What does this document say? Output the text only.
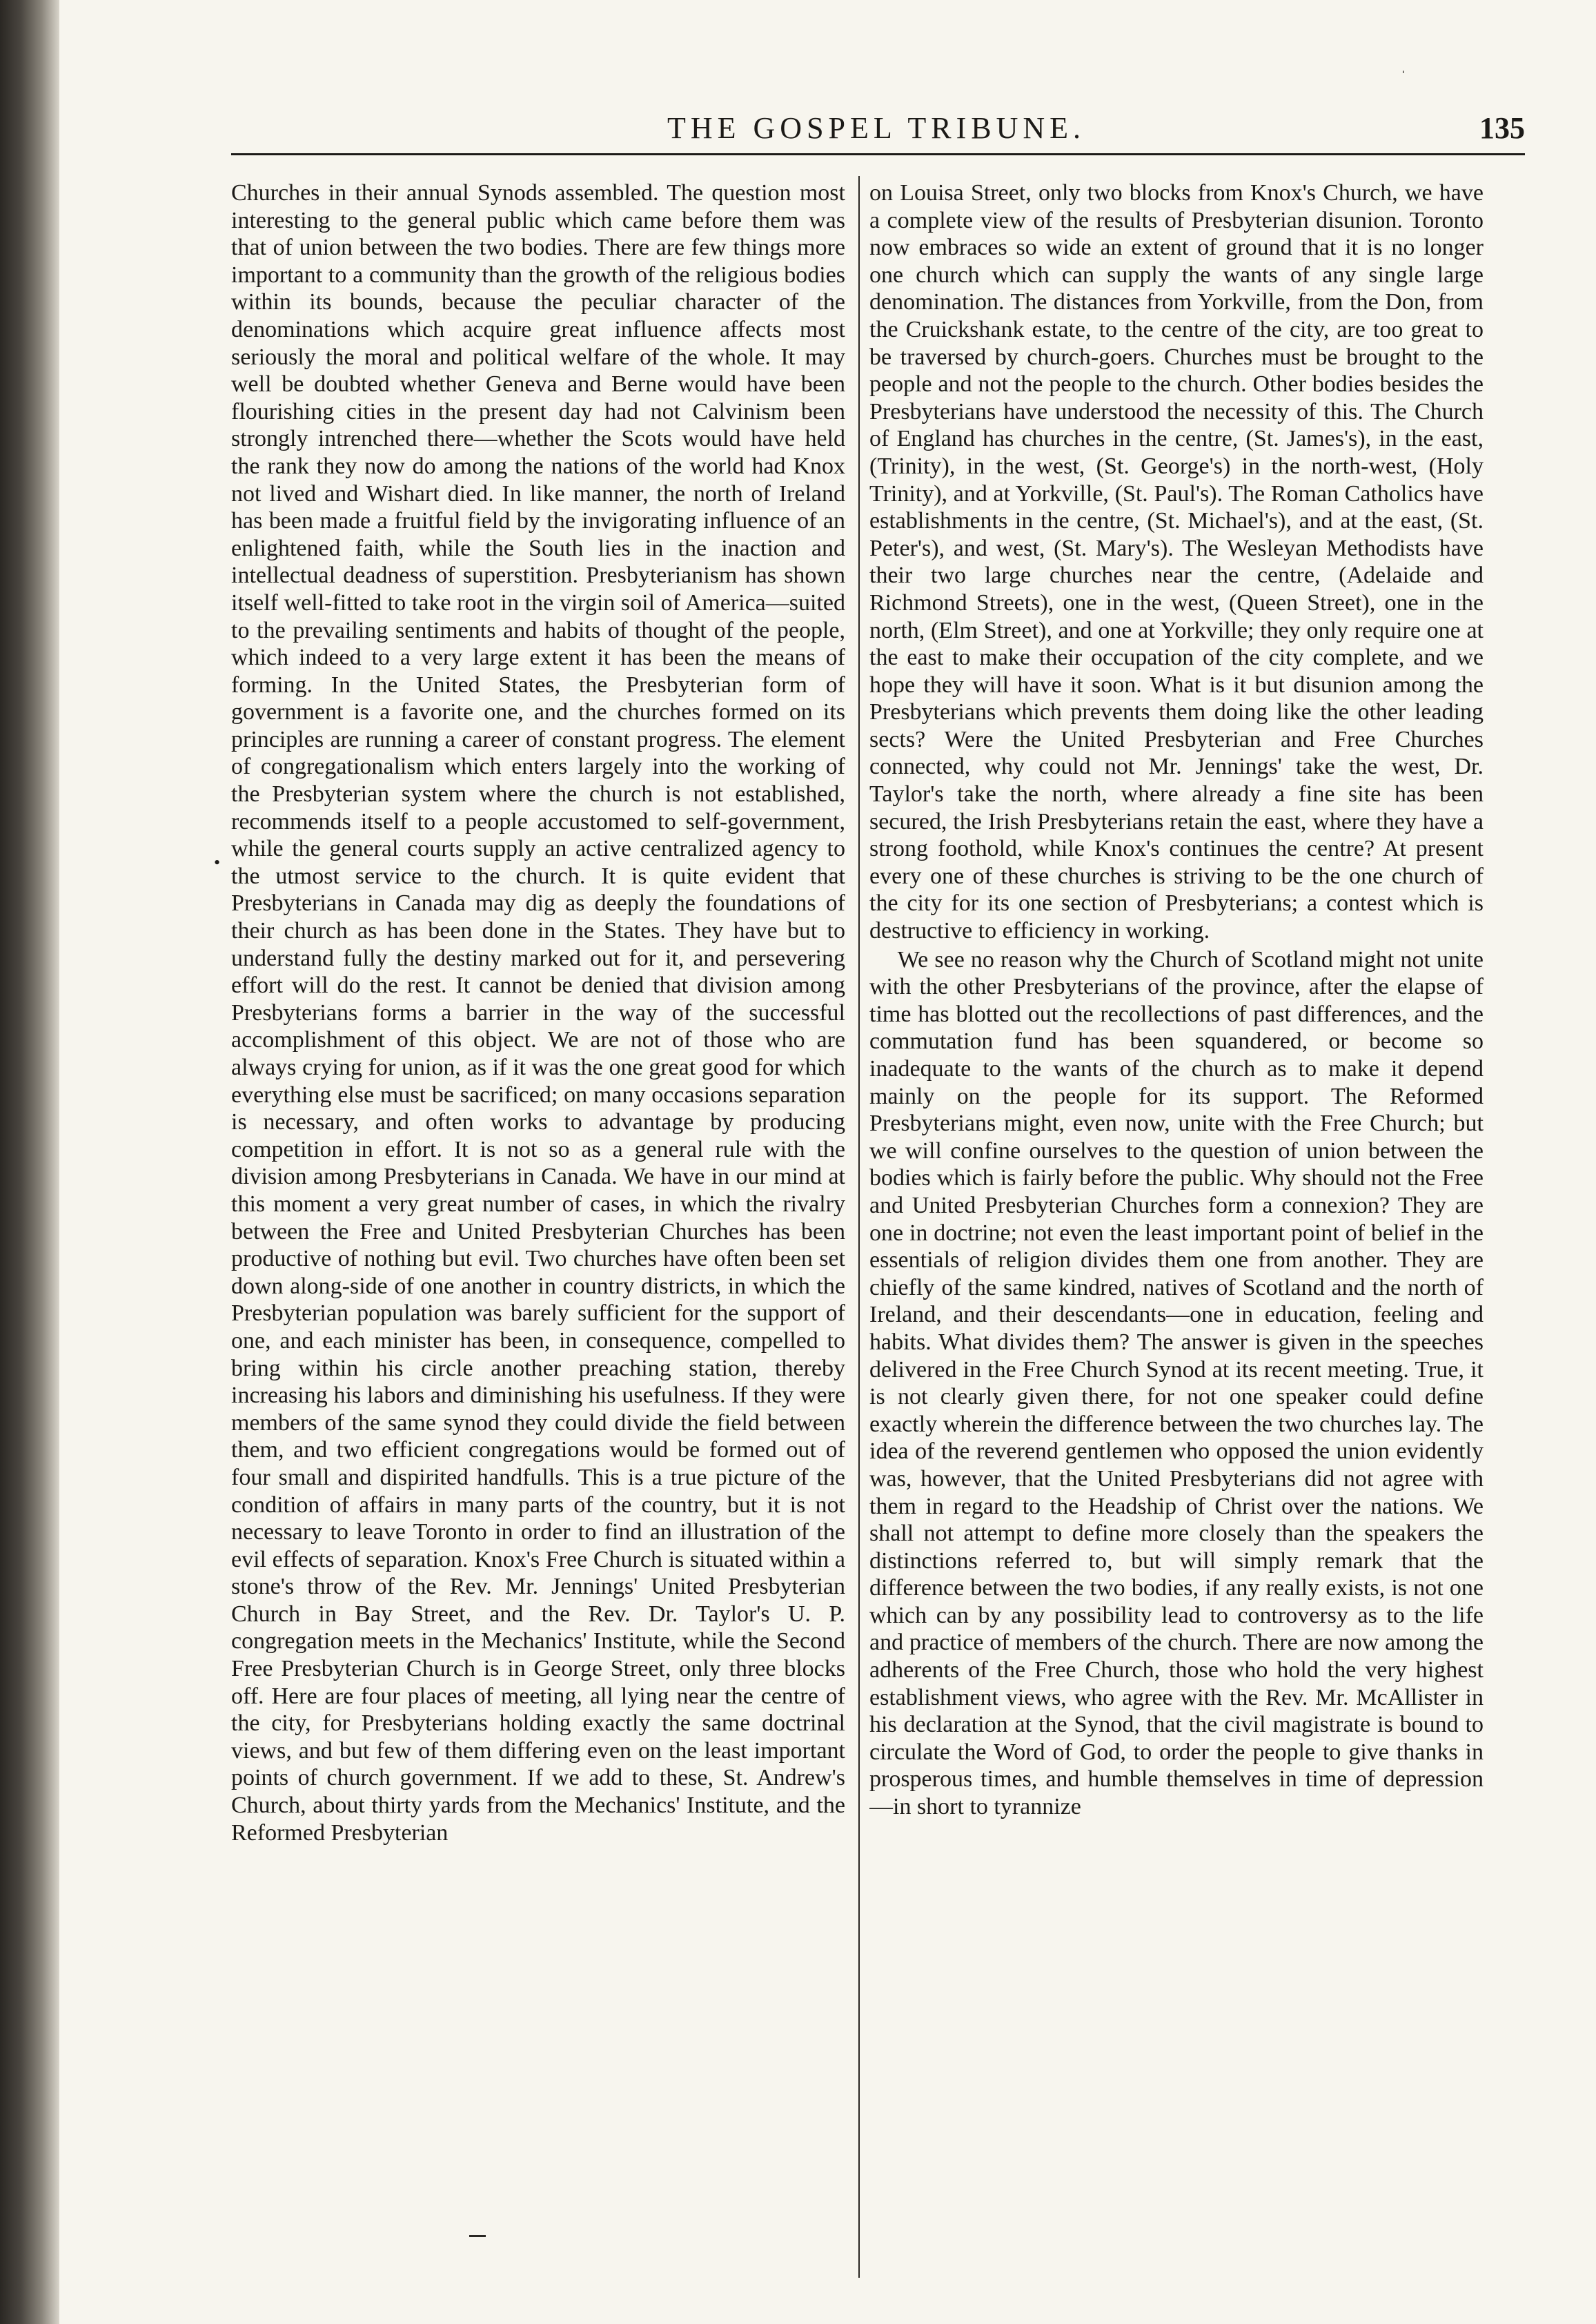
ˈ
THE GOSPEL TRIBUNE.	135

Churches in their annual Synods assembled. The question most interesting to the general public which came before them was that of union between the two bodies. There are few things more important to a community than the growth of the religious bodies within its bounds, because the peculiar character of the denominations which acquire great influence affects most seriously the moral and political welfare of the whole. It may well be doubted whether Geneva and Berne would have been flourishing cities in the present day had not Calvinism been strongly intrenched there—whether the Scots would have held the rank they now do among the nations of the world had Knox not lived and Wishart died. In like manner, the north of Ireland has been made a fruitful field by the invigorating influence of an enlightened faith, while the South lies in the inaction and intellectual deadness of superstition. Presbyterianism has shown itself well-fitted to take root in the virgin soil of America—suited to the prevailing sentiments and habits of thought of the people, which indeed to a very large extent it has been the means of forming. In the United States, the Presbyterian form of government is a favorite one, and the churches formed on its principles are running a career of constant progress. The element of congregationalism which enters largely into the working of the Presbyterian system where the church is not established, recommends itself to a people accustomed to self-government, while the general courts supply an active centralized agency to the utmost service to the church. It is quite evident that Presbyterians in Canada may dig as deeply the foundations of their church as has been done in the States. They have but to understand fully the destiny marked out for it, and persevering effort will do the rest. It cannot be denied that division among Presbyterians forms a barrier in the way of the successful accomplishment of this object. We are not of those who are always crying for union, as if it was the one great good for which everything else must be sacrificed; on many occasions separation is necessary, and often works to advantage by producing competition in effort. It is not so as a general rule with the division among Presbyterians in Canada. We have in our mind at this moment a very great number of cases, in which the rivalry between the Free and United Presbyterian Churches has been productive of nothing but evil. Two churches have often been set down along-side of one another in country districts, in which the Presbyterian population was barely sufficient for the support of one, and each minister has been, in consequence, compelled to bring within his circle another preaching station, thereby increasing his labors and diminishing his usefulness. If they were members of the same synod they could divide the field between them, and two efficient congregations would be formed out of four small and dispirited handfulls. This is a true picture of the condition of affairs in many parts of the country, but it is not necessary to leave Toronto in order to find an illustration of the evil effects of separation. Knox's Free Church is situated within a stone's throw of the Rev. Mr. Jennings' United Presbyterian Church in Bay Street, and the Rev. Dr. Taylor's U. P. congregation meets in the Mechanics' Institute, while the Second Free Presbyterian Church is in George Street, only three blocks off. Here are four places of meeting, all lying near the centre of the city, for Presbyterians holding exactly the same doctrinal views, and but few of them differing even on the least important points of church government. If we add to these, St. Andrew's Church, about thirty yards from the Mechanics' Institute, and the Reformed Presbyterian

on Louisa Street, only two blocks from Knox's Church, we have a complete view of the results of Presbyterian disunion. Toronto now embraces so wide an extent of ground that it is no longer one church which can supply the wants of any single large denomination. The distances from Yorkville, from the Don, from the Cruickshank estate, to the centre of the city, are too great to be traversed by church-goers. Churches must be brought to the people and not the people to the church. Other bodies besides the Presbyterians have understood the necessity of this. The Church of England has churches in the centre, (St. James's), in the east, (Trinity), in the west, (St. George's) in the north-west, (Holy Trinity), and at Yorkville, (St. Paul's). The Roman Catholics have establishments in the centre, (St. Michael's), and at the east, (St. Peter's), and west, (St. Mary's). The Wesleyan Methodists have their two large churches near the centre, (Adelaide and Richmond Streets), one in the west, (Queen Street), one in the north, (Elm Street), and one at Yorkville; they only require one at the east to make their occupation of the city complete, and we hope they will have it soon. What is it but disunion among the Presbyterians which prevents them doing like the other leading sects? Were the United Presbyterian and Free Churches connected, why could not Mr. Jennings' take the west, Dr. Taylor's take the north, where already a fine site has been secured, the Irish Presbyterians retain the east, where they have a strong foothold, while Knox's continues the centre? At present every one of these churches is striving to be the one church of the city for its one section of Presbyterians; a contest which is destructive to efficiency in working.

We see no reason why the Church of Scotland might not unite with the other Presbyterians of the province, after the elapse of time has blotted out the recollections of past differences, and the commutation fund has been squandered, or become so inadequate to the wants of the church as to make it depend mainly on the people for its support. The Reformed Presbyterians might, even now, unite with the Free Church; but we will confine ourselves to the question of union between the bodies which is fairly before the public. Why should not the Free and United Presbyterian Churches form a connexion? They are one in doctrine; not even the least important point of belief in the essentials of religion divides them one from another. They are chiefly of the same kindred, natives of Scotland and the north of Ireland, and their descendants—one in education, feeling and habits. What divides them? The answer is given in the speeches delivered in the Free Church Synod at its recent meeting. True, it is not clearly given there, for not one speaker could define exactly wherein the difference between the two churches lay. The idea of the reverend gentlemen who opposed the union evidently was, however, that the United Presbyterians did not agree with them in regard to the Headship of Christ over the nations. We shall not attempt to define more closely than the speakers the distinctions referred to, but will simply remark that the difference between the two bodies, if any really exists, is not one which can by any possibility lead to controversy as to the life and practice of members of the church. There are now among the adherents of the Free Church, those who hold the very highest establishment views, who agree with the Rev. Mr. McAllister in his declaration at the Synod, that the civil magistrate is bound to circulate the Word of God, to order the people to give thanks in prosperous times, and humble themselves in time of depression—in short to tyrannize

•
